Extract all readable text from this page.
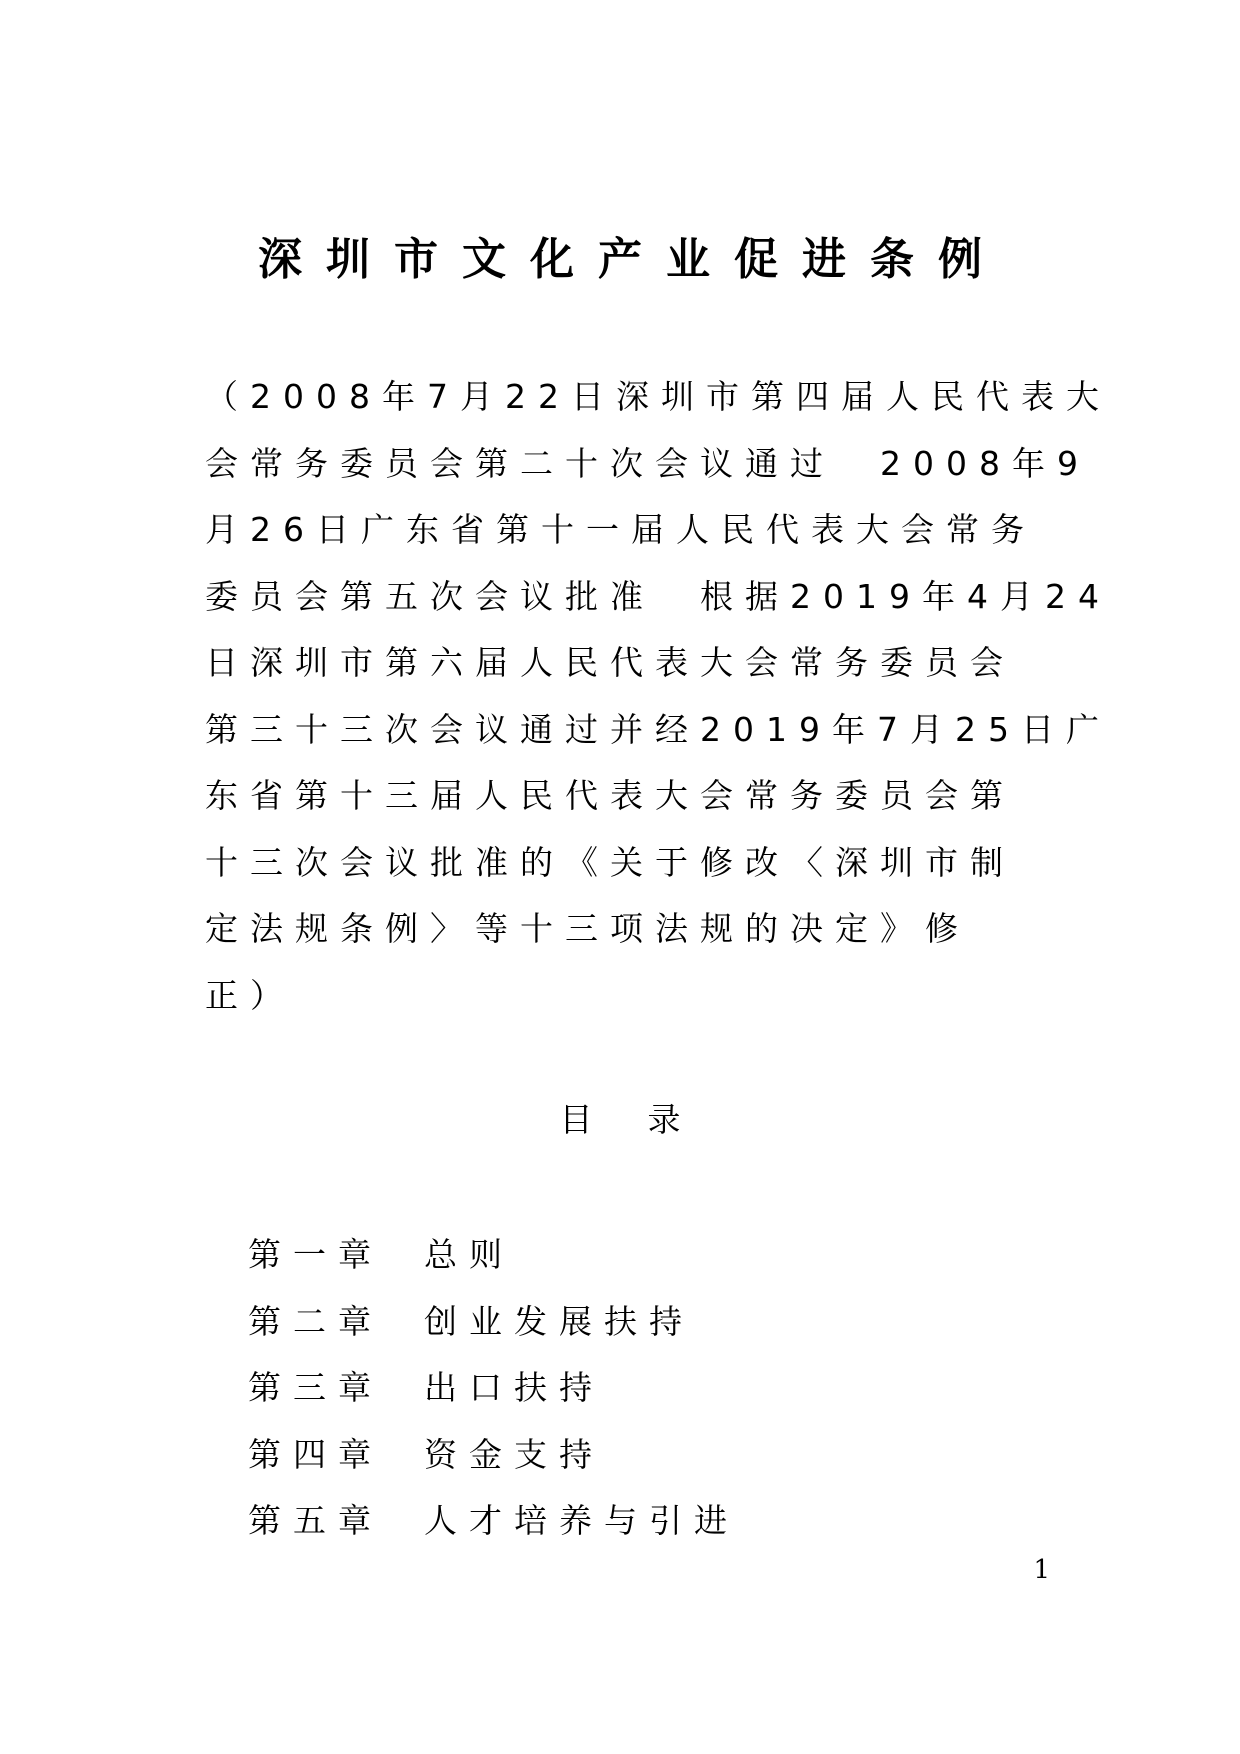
深圳市文化产业促进条例
（2008年7月22日深圳市第四届人民代表大
会常务委员会第二十次会议通过　2008年9
月26日广东省第十一届人民代表大会常务
委员会第五次会议批准　根据2019年4月24
日深圳市第六届人民代表大会常务委员会
第三十三次会议通过并经2019年7月25日广
东省第十三届人民代表大会常务委员会第
十三次会议批准的《关于修改〈深圳市制
定法规条例〉等十三项法规的决定》修
正）
目 录
第一章 总则
第二章 创业发展扶持
第三章 出口扶持
第四章 资金支持
第五章 人才培养与引进
1
